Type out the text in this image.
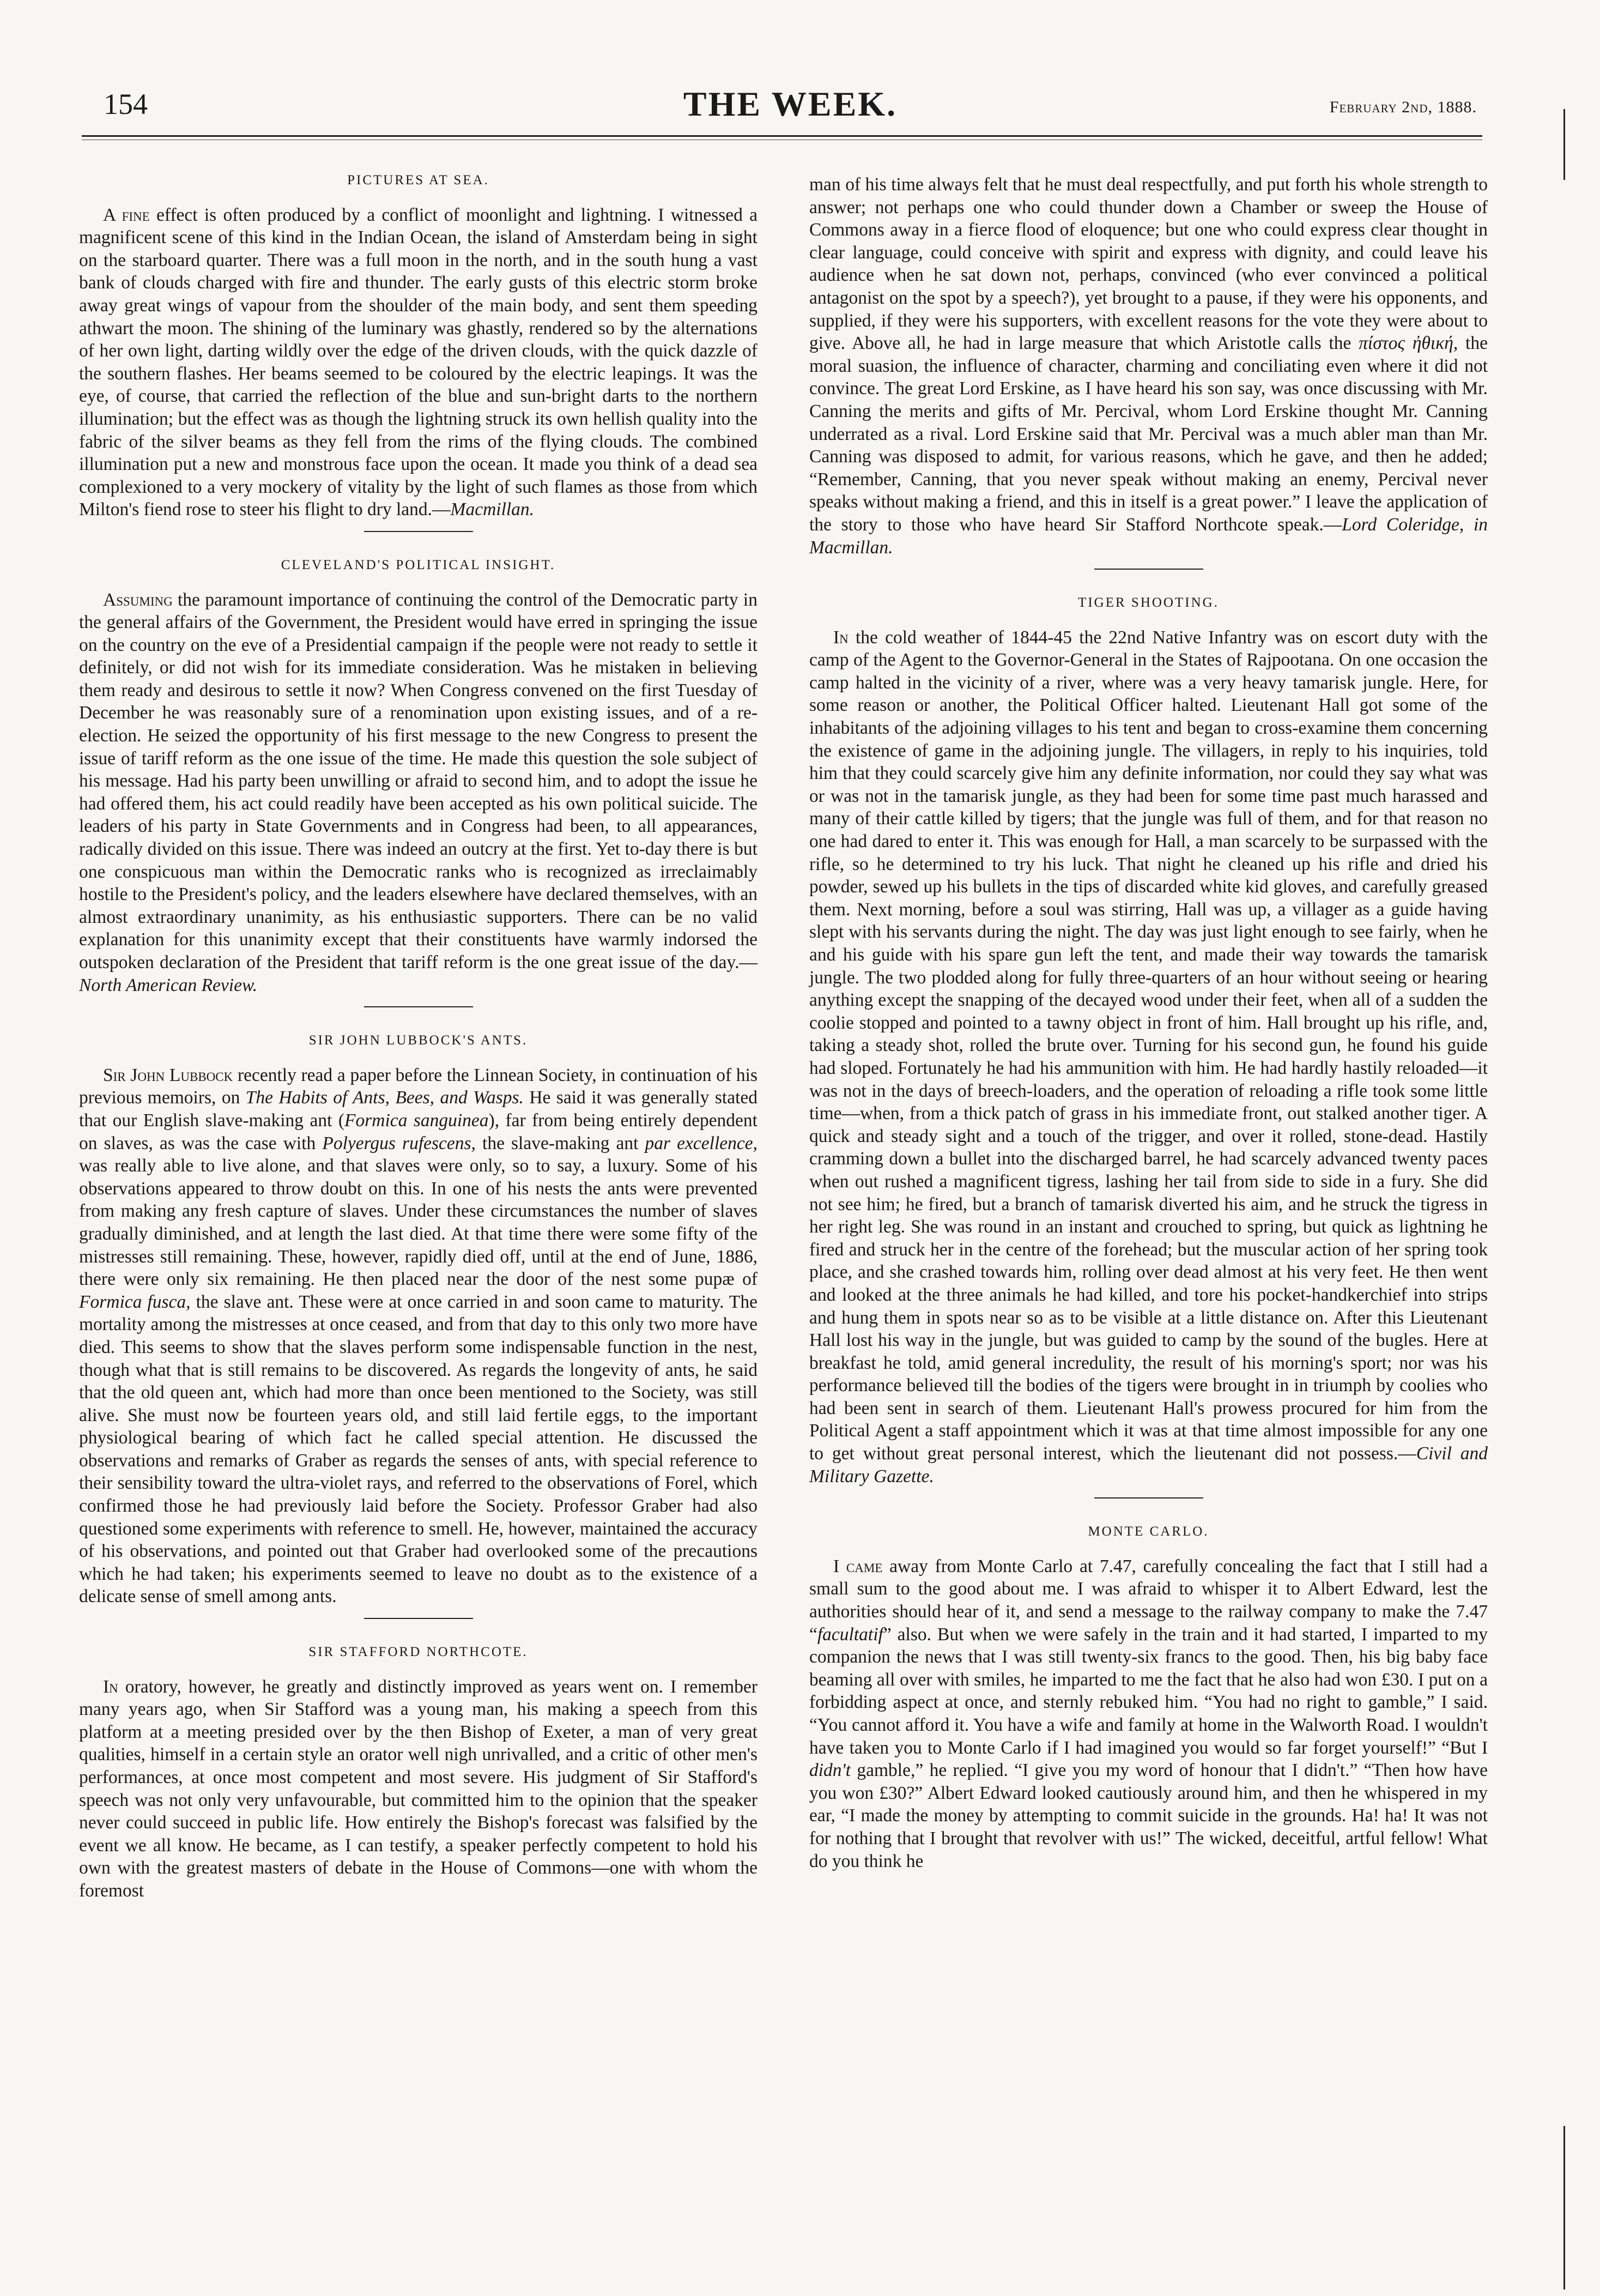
154	THE WEEK.	February 2nd, 1888.
PICTURES AT SEA.

A fine effect is often produced by a conflict of moonlight and lightning. I witnessed a magnificent scene of this kind in the Indian Ocean, the island of Amsterdam being in sight on the starboard quarter. There was a full moon in the north, and in the south hung a vast bank of clouds charged with fire and thunder. The early gusts of this electric storm broke away great wings of vapour from the shoulder of the main body, and sent them speeding athwart the moon. The shining of the luminary was ghastly, rendered so by the alternations of her own light, darting wildly over the edge of the driven clouds, with the quick dazzle of the southern flashes. Her beams seemed to be coloured by the electric leapings. It was the eye, of course, that carried the reflection of the blue and sun-bright darts to the northern illumination; but the effect was as though the lightning struck its own hellish quality into the fabric of the silver beams as they fell from the rims of the flying clouds. The combined illumination put a new and monstrous face upon the ocean. It made you think of a dead sea complexioned to a very mockery of vitality by the light of such flames as those from which Milton's fiend rose to steer his flight to dry land.—Macmillan.

CLEVELAND'S POLITICAL INSIGHT.

Assuming the paramount importance of continuing the control of the Democratic party in the general affairs of the Government, the President would have erred in springing the issue on the country on the eve of a Presidential campaign if the people were not ready to settle it definitely, or did not wish for its immediate consideration. Was he mistaken in believing them ready and desirous to settle it now? When Congress convened on the first Tuesday of December he was reasonably sure of a renomination upon existing issues, and of a re-election. He seized the opportunity of his first message to the new Congress to present the issue of tariff reform as the one issue of the time. He made this question the sole subject of his message. Had his party been unwilling or afraid to second him, and to adopt the issue he had offered them, his act could readily have been accepted as his own political suicide. The leaders of his party in State Governments and in Congress had been, to all appearances, radically divided on this issue. There was indeed an outcry at the first. Yet to-day there is but one conspicuous man within the Democratic ranks who is recognized as irreclaimably hostile to the President's policy, and the leaders elsewhere have declared themselves, with an almost extraordinary unanimity, as his enthusiastic supporters. There can be no valid explanation for this unanimity except that their constituents have warmly indorsed the outspoken declaration of the President that tariff reform is the one great issue of the day.—North American Review.

SIR JOHN LUBBOCK'S ANTS.

Sir John Lubbock recently read a paper before the Linnean Society, in continuation of his previous memoirs, on The Habits of Ants, Bees, and Wasps. He said it was generally stated that our English slave-making ant (Formica sanguinea), far from being entirely dependent on slaves, as was the case with Polyergus rufescens, the slave-making ant par excellence, was really able to live alone, and that slaves were only, so to say, a luxury. Some of his observations appeared to throw doubt on this. In one of his nests the ants were prevented from making any fresh capture of slaves. Under these circumstances the number of slaves gradually diminished, and at length the last died. At that time there were some fifty of the mistresses still remaining. These, however, rapidly died off, until at the end of June, 1886, there were only six remaining. He then placed near the door of the nest some pupæ of Formica fusca, the slave ant. These were at once carried in and soon came to maturity. The mortality among the mistresses at once ceased, and from that day to this only two more have died. This seems to show that the slaves perform some indispensable function in the nest, though what that is still remains to be discovered. As regards the longevity of ants, he said that the old queen ant, which had more than once been mentioned to the Society, was still alive. She must now be fourteen years old, and still laid fertile eggs, to the important physiological bearing of which fact he called special attention. He discussed the observations and remarks of Graber as regards the senses of ants, with special reference to their sensibility toward the ultra-violet rays, and referred to the observations of Forel, which confirmed those he had previously laid before the Society. Professor Graber had also questioned some experiments with reference to smell. He, however, maintained the accuracy of his observations, and pointed out that Graber had overlooked some of the precautions which he had taken; his experiments seemed to leave no doubt as to the existence of a delicate sense of smell among ants.

SIR STAFFORD NORTHCOTE.

In oratory, however, he greatly and distinctly improved as years went on. I remember many years ago, when Sir Stafford was a young man, his making a speech from this platform at a meeting presided over by the then Bishop of Exeter, a man of very great qualities, himself in a certain style an orator well nigh unrivalled, and a critic of other men's performances, at once most competent and most severe. His judgment of Sir Stafford's speech was not only very unfavourable, but committed him to the opinion that the speaker never could succeed in public life. How entirely the Bishop's forecast was falsified by the event we all know. He became, as I can testify, a speaker perfectly competent to hold his own with the greatest masters of debate in the House of Commons—one with whom the foremost

man of his time always felt that he must deal respectfully, and put forth his whole strength to answer; not perhaps one who could thunder down a Chamber or sweep the House of Commons away in a fierce flood of eloquence; but one who could express clear thought in clear language, could conceive with spirit and express with dignity, and could leave his audience when he sat down not, perhaps, convinced (who ever convinced a political antagonist on the spot by a speech?), yet brought to a pause, if they were his opponents, and supplied, if they were his supporters, with excellent reasons for the vote they were about to give. Above all, he had in large measure that which Aristotle calls the πίστος ἠθική, the moral suasion, the influence of character, charming and conciliating even where it did not convince. The great Lord Erskine, as I have heard his son say, was once discussing with Mr. Canning the merits and gifts of Mr. Percival, whom Lord Erskine thought Mr. Canning underrated as a rival. Lord Erskine said that Mr. Percival was a much abler man than Mr. Canning was disposed to admit, for various reasons, which he gave, and then he added; “Remember, Canning, that you never speak without making an enemy, Percival never speaks without making a friend, and this in itself is a great power.” I leave the application of the story to those who have heard Sir Stafford Northcote speak.—Lord Coleridge, in Macmillan.

TIGER SHOOTING.

In the cold weather of 1844-45 the 22nd Native Infantry was on escort duty with the camp of the Agent to the Governor-General in the States of Rajpootana. On one occasion the camp halted in the vicinity of a river, where was a very heavy tamarisk jungle. Here, for some reason or another, the Political Officer halted. Lieutenant Hall got some of the inhabitants of the adjoining villages to his tent and began to cross-examine them concerning the existence of game in the adjoining jungle. The villagers, in reply to his inquiries, told him that they could scarcely give him any definite information, nor could they say what was or was not in the tamarisk jungle, as they had been for some time past much harassed and many of their cattle killed by tigers; that the jungle was full of them, and for that reason no one had dared to enter it. This was enough for Hall, a man scarcely to be surpassed with the rifle, so he determined to try his luck. That night he cleaned up his rifle and dried his powder, sewed up his bullets in the tips of discarded white kid gloves, and carefully greased them. Next morning, before a soul was stirring, Hall was up, a villager as a guide having slept with his servants during the night. The day was just light enough to see fairly, when he and his guide with his spare gun left the tent, and made their way towards the tamarisk jungle. The two plodded along for fully three-quarters of an hour without seeing or hearing anything except the snapping of the decayed wood under their feet, when all of a sudden the coolie stopped and pointed to a tawny object in front of him. Hall brought up his rifle, and, taking a steady shot, rolled the brute over. Turning for his second gun, he found his guide had sloped. Fortunately he had his ammunition with him. He had hardly hastily reloaded—it was not in the days of breech-loaders, and the operation of reloading a rifle took some little time—when, from a thick patch of grass in his immediate front, out stalked another tiger. A quick and steady sight and a touch of the trigger, and over it rolled, stone-dead. Hastily cramming down a bullet into the discharged barrel, he had scarcely advanced twenty paces when out rushed a magnificent tigress, lashing her tail from side to side in a fury. She did not see him; he fired, but a branch of tamarisk diverted his aim, and he struck the tigress in her right leg. She was round in an instant and crouched to spring, but quick as lightning he fired and struck her in the centre of the forehead; but the muscular action of her spring took place, and she crashed towards him, rolling over dead almost at his very feet. He then went and looked at the three animals he had killed, and tore his pocket-handkerchief into strips and hung them in spots near so as to be visible at a little distance on. After this Lieutenant Hall lost his way in the jungle, but was guided to camp by the sound of the bugles. Here at breakfast he told, amid general incredulity, the result of his morning's sport; nor was his performance believed till the bodies of the tigers were brought in in triumph by coolies who had been sent in search of them. Lieutenant Hall's prowess procured for him from the Political Agent a staff appointment which it was at that time almost impossible for any one to get without great personal interest, which the lieutenant did not possess.—Civil and Military Gazette.

MONTE CARLO.

I came away from Monte Carlo at 7.47, carefully concealing the fact that I still had a small sum to the good about me. I was afraid to whisper it to Albert Edward, lest the authorities should hear of it, and send a message to the railway company to make the 7.47 “facultatif” also. But when we were safely in the train and it had started, I imparted to my companion the news that I was still twenty-six francs to the good. Then, his big baby face beaming all over with smiles, he imparted to me the fact that he also had won £30. I put on a forbidding aspect at once, and sternly rebuked him. “You had no right to gamble,” I said. “You cannot afford it. You have a wife and family at home in the Walworth Road. I wouldn't have taken you to Monte Carlo if I had imagined you would so far forget yourself!” “But I didn't gamble,” he replied. “I give you my word of honour that I didn't.” “Then how have you won £30?” Albert Edward looked cautiously around him, and then he whispered in my ear, “I made the money by attempting to commit suicide in the grounds. Ha! ha! It was not for nothing that I brought that revolver with us!” The wicked, deceitful, artful fellow! What do you think he
